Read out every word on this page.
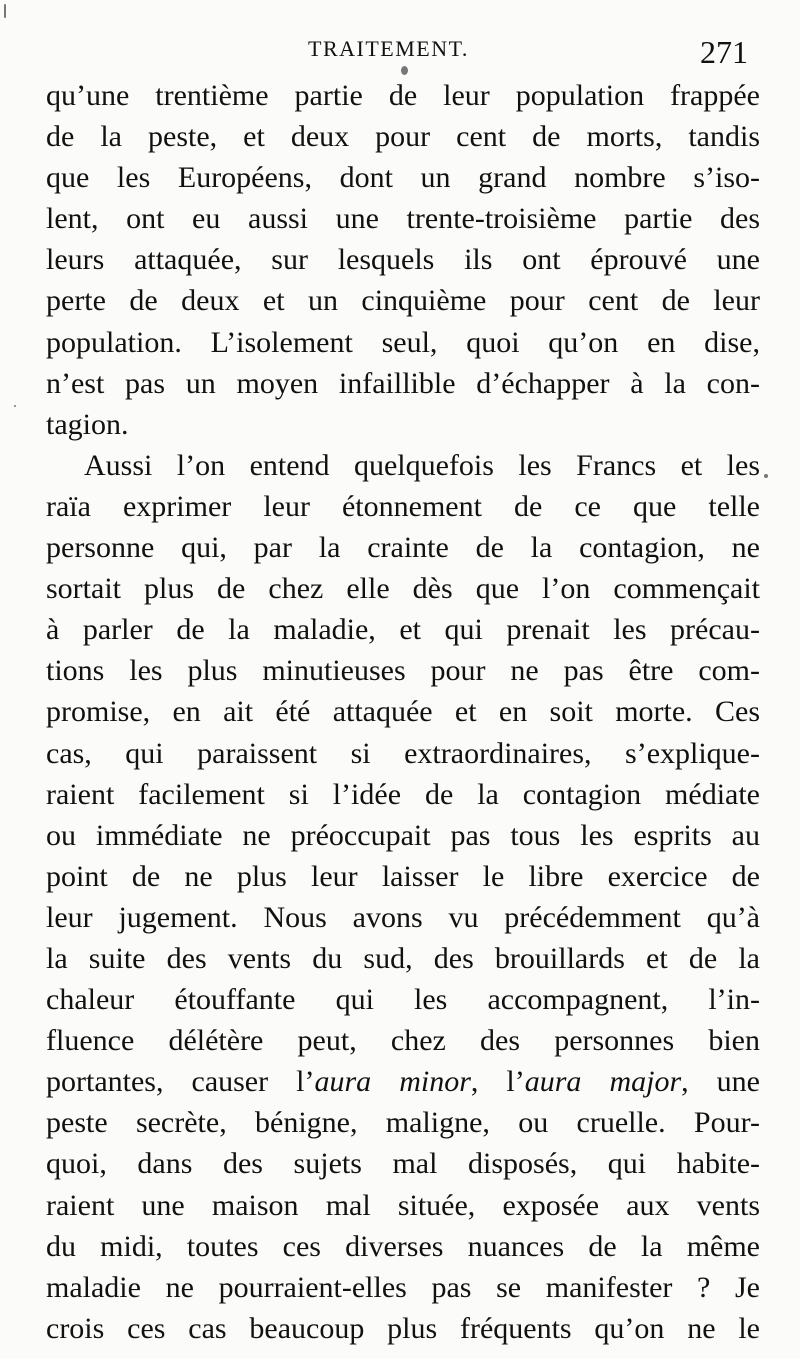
TRAITEMENT.	271
qu’une trentième partie de leur population frappée
de la peste, et deux pour cent de morts, tandis
que les Européens, dont un grand nombre s’iso-
lent, ont eu aussi une trente-troisième partie des
leurs attaquée, sur lesquels ils ont éprouvé une
perte de deux et un cinquième pour cent de leur
population. L’isolement seul, quoi qu’on en dise,
n’est pas un moyen infaillible d’échapper à la con-
tagion.
Aussi l’on entend quelquefois les Francs et les
raïa exprimer leur étonnement de ce que telle
personne qui, par la crainte de la contagion, ne
sortait plus de chez elle dès que l’on commençait
à parler de la maladie, et qui prenait les précau-
tions les plus minutieuses pour ne pas être com-
promise, en ait été attaquée et en soit morte. Ces
cas, qui paraissent si extraordinaires, s’explique-
raient facilement si l’idée de la contagion médiate
ou immédiate ne préoccupait pas tous les esprits au
point de ne plus leur laisser le libre exercice de
leur jugement. Nous avons vu précédemment qu’à
la suite des vents du sud, des brouillards et de la
chaleur étouffante qui les accompagnent, l’in-
fluence délétère peut, chez des personnes bien
portantes, causer l’aura minor, l’aura major, une
peste secrète, bénigne, maligne, ou cruelle. Pour-
quoi, dans des sujets mal disposés, qui habite-
raient une maison mal située, exposée aux vents
du midi, toutes ces diverses nuances de la même
maladie ne pourraient-elles pas se manifester ? Je
crois ces cas beaucoup plus fréquents qu’on ne le
